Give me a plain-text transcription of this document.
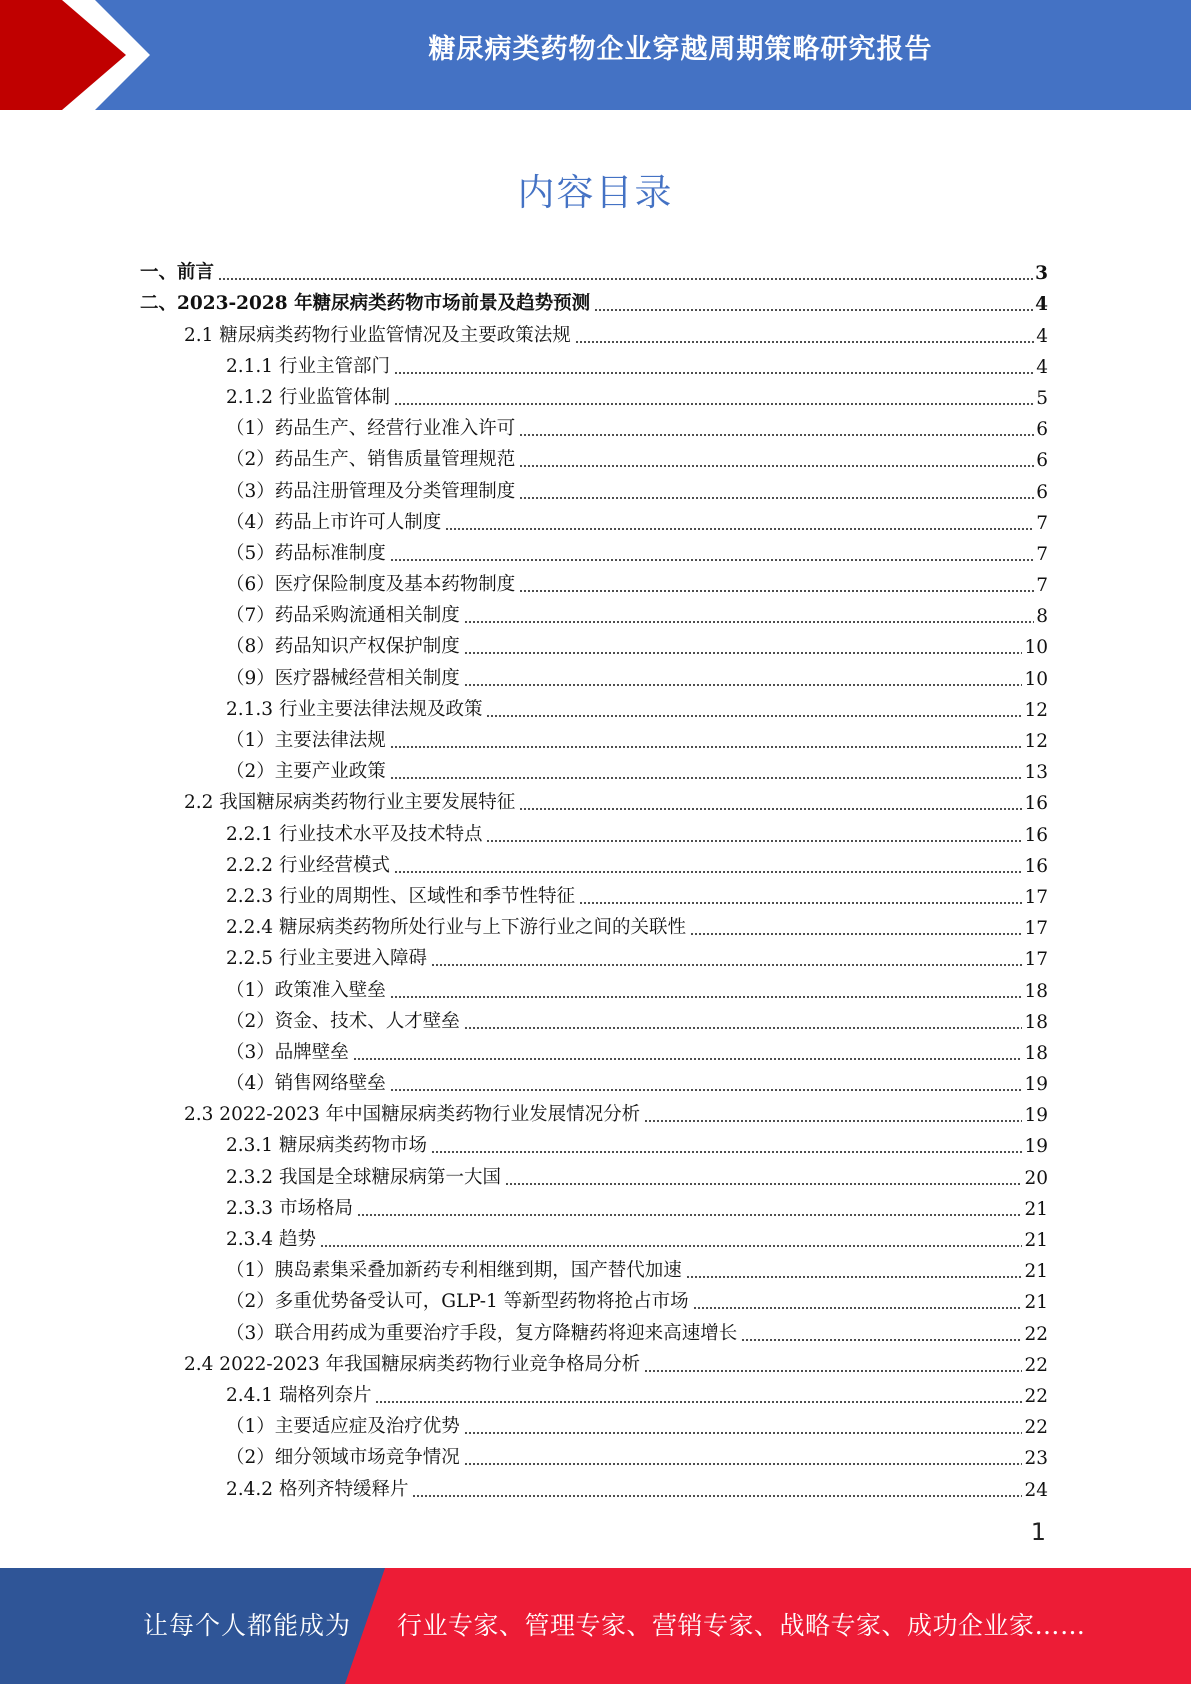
糖尿病类药物企业穿越周期策略研究报告
内容目录
一、前言	3
二、2023-2028 年糖尿病类药物市场前景及趋势预测	4
2.1 糖尿病类药物行业监管情况及主要政策法规	4
2.1.1 行业主管部门	4
2.1.2 行业监管体制	5
（1）药品生产、经营行业准入许可	6
（2）药品生产、销售质量管理规范	6
（3）药品注册管理及分类管理制度	6
（4）药品上市许可人制度	7
（5）药品标准制度	7
（6）医疗保险制度及基本药物制度	7
（7）药品采购流通相关制度	8
（8）药品知识产权保护制度	10
（9）医疗器械经营相关制度	10
2.1.3 行业主要法律法规及政策	12
（1）主要法律法规	12
（2）主要产业政策	13
2.2 我国糖尿病类药物行业主要发展特征	16
2.2.1 行业技术水平及技术特点	16
2.2.2 行业经营模式	16
2.2.3 行业的周期性、区域性和季节性特征	17
2.2.4 糖尿病类药物所处行业与上下游行业之间的关联性	17
2.2.5 行业主要进入障碍	17
（1）政策准入壁垒	18
（2）资金、技术、人才壁垒	18
（3）品牌壁垒	18
（4）销售网络壁垒	19
2.3 2022-2023 年中国糖尿病类药物行业发展情况分析	19
2.3.1 糖尿病类药物市场	19
2.3.2 我国是全球糖尿病第一大国	20
2.3.3 市场格局	21
2.3.4 趋势	21
（1）胰岛素集采叠加新药专利相继到期，国产替代加速	21
（2）多重优势备受认可，GLP-1 等新型药物将抢占市场	21
（3）联合用药成为重要治疗手段，复方降糖药将迎来高速增长	22
2.4 2022-2023 年我国糖尿病类药物行业竞争格局分析	22
2.4.1 瑞格列奈片	22
（1）主要适应症及治疗优势	22
（2）细分领域市场竞争情况	23
2.4.2 格列齐特缓释片	24
1
让每个人都能成为 行业专家、管理专家、营销专家、战略专家、成功企业家……
